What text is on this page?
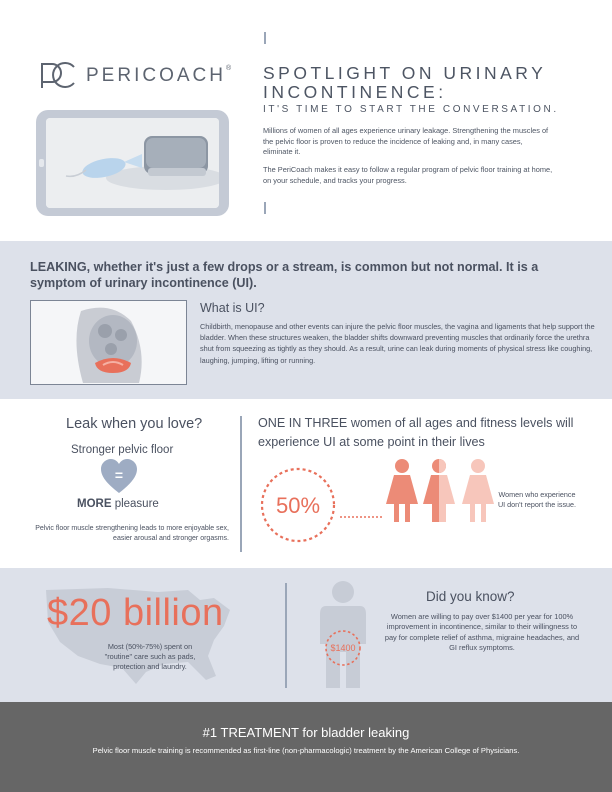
PERICOACH® SPOTLIGHT ON URINARY INCONTINENCE:
IT'S TIME TO START THE CONVERSATION.
Millions of women of all ages experience urinary leakage. Strengthening the muscles of the pelvic floor is proven to reduce the incidence of leaking and, in many cases, eliminate it.
The PeriCoach makes it easy to follow a regular program of pelvic floor training at home, on your schedule, and tracks your progress.
LEAKING, whether it's just a few drops or a stream, is common but not normal. It is a symptom of urinary incontinence (UI).
What is UI?
Childbirth, menopause and other events can injure the pelvic floor muscles, the vagina and ligaments that help support the bladder. When these structures weaken, the bladder shifts downward preventing muscles that ordinarily force the urethra shut from squeezing as tightly as they should. As a result, urine can leak during moments of physical stress like coughing, laughing, jumping, lifting or running.
Leak when you love?
Stronger pelvic floor
=
MORE pleasure
Pelvic floor muscle strengthening leads to more enjoyable sex, easier arousal and stronger orgasms.
ONE IN THREE women of all ages and fitness levels will experience UI at some point in their lives
50%	Women who experience UI don't report the issue.
$20 billion
Most (50%-75%) spent on "routine" care such as pads, protection and laundry.
$1400
Did you know?
Women are willing to pay over $1400 per year for 100% improvement in incontinence, similar to their willingness to pay for complete relief of asthma, migraine headaches, and GI reflux symptoms.
#1 TREATMENT for bladder leaking
Pelvic floor muscle training is recommended as first-line (non-pharmacologic) treatment by the American College of Physicians.
